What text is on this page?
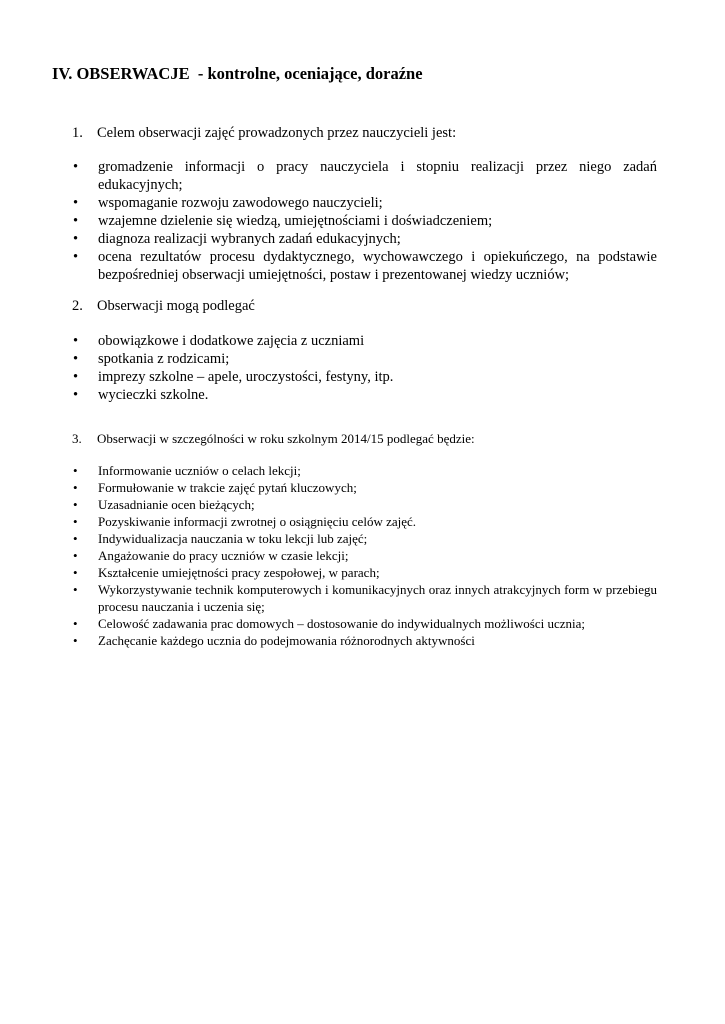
IV. OBSERWACJE  - kontrolne, oceniające, doraźne
1. Celem obserwacji zajęć prowadzonych przez nauczycieli jest:
•	gromadzenie informacji o pracy nauczyciela i stopniu realizacji przez niego zadań edukacyjnych;
•	wspomaganie rozwoju zawodowego nauczycieli;
•	wzajemne dzielenie się wiedzą, umiejętnościami i doświadczeniem;
•	diagnoza realizacji wybranych zadań edukacyjnych;
•	ocena rezultatów procesu dydaktycznego, wychowawczego i opiekuńczego, na podstawie bezpośredniej obserwacji umiejętności, postaw i prezentowanej wiedzy uczniów;
2. Obserwacji mogą podlegać
•	obowiązkowe i dodatkowe zajęcia z uczniami
•	spotkania z rodzicami;
•	imprezy szkolne – apele, uroczystości, festyny, itp.
•	wycieczki szkolne.
3.	Obserwacji w szczególności w roku szkolnym 2014/15 podlegać będzie:
•	Informowanie uczniów o celach lekcji;
•	Formułowanie w trakcie zajęć pytań kluczowych;
•	Uzasadnianie ocen bieżących;
•	Pozyskiwanie informacji zwrotnej o osiągnięciu celów zajęć.
•	Indywidualizacja nauczania w toku lekcji lub zajęć;
•	Angażowanie do pracy uczniów w czasie lekcji;
•	Kształcenie umiejętności pracy zespołowej, w parach;
•	Wykorzystywanie technik komputerowych i komunikacyjnych oraz innych atrakcyjnych form w przebiegu procesu nauczania i uczenia się;
•	Celowość zadawania prac domowych – dostosowanie do indywidualnych możliwości ucznia;
•	Zachęcanie każdego ucznia do podejmowania różnorodnych aktywności
